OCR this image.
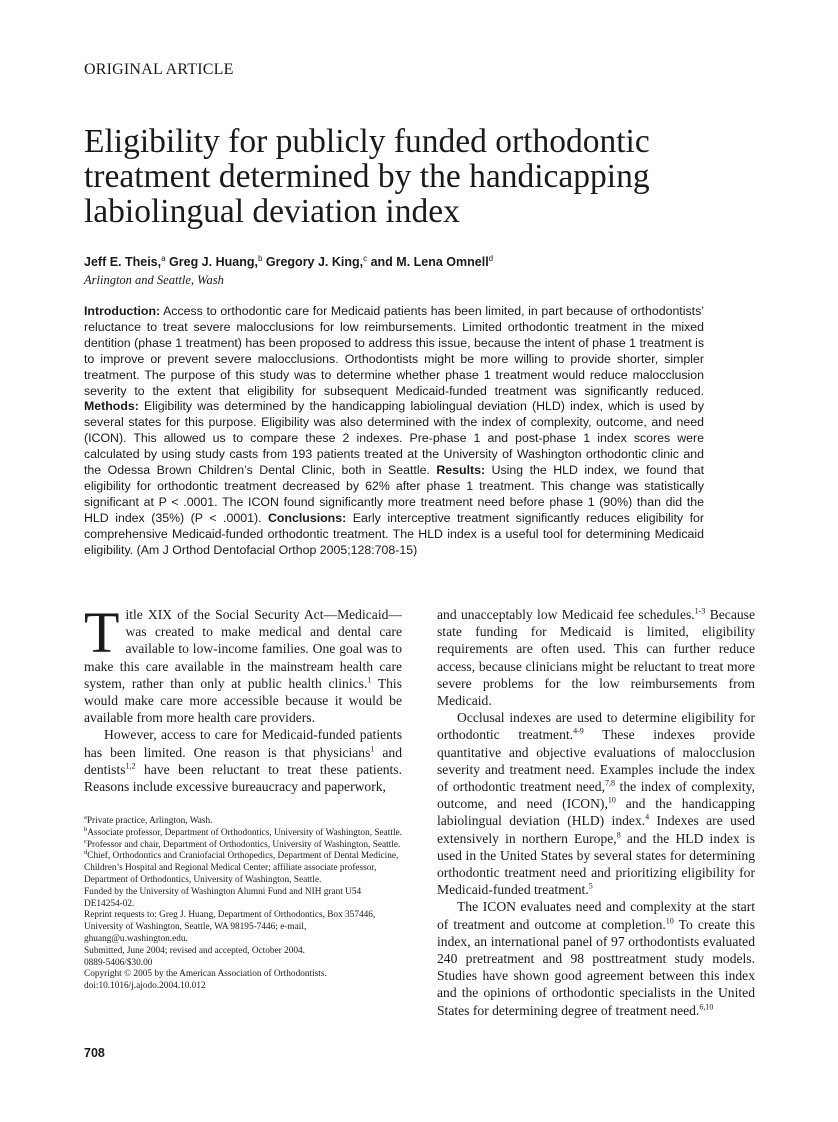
ORIGINAL ARTICLE
Eligibility for publicly funded orthodontic
treatment determined by the handicapping
labiolingual deviation index
Jeff E. Theis,$^a$ Greg J. Huang,$^b$ Gregory J. King,$^c$ and M. Lena Omnell$^d$
Arlington and Seattle, Wash

Introduction: Access to orthodontic care for Medicaid patients has been limited, in part because of orthodontists’ reluctance to treat severe malocclusions for low reimbursements. Limited orthodontic treatment in the mixed dentition (phase 1 treatment) has been proposed to address this issue, because the intent of phase 1 treatment is to improve or prevent severe malocclusions. Orthodontists might be more willing to provide shorter, simpler treatment. The purpose of this study was to determine whether phase 1 treatment would reduce malocclusion severity to the extent that eligibility for subsequent Medicaid-funded treatment was significantly reduced. Methods: Eligibility was determined by the handicapping labiolingual deviation (HLD) index, which is used by several states for this purpose. Eligibility was also determined with the index of complexity, outcome, and need (ICON). This allowed us to compare these 2 indexes. Pre-phase 1 and post-phase 1 index scores were calculated by using study casts from 193 patients treated at the University of Washington orthodontic clinic and the Odessa Brown Children’s Dental Clinic, both in Seattle. Results: Using the HLD index, we found that eligibility for orthodontic treatment decreased by 62% after phase 1 treatment. This change was statistically significant at P < .0001. The ICON found significantly more treatment need before phase 1 (90%) than did the HLD index (35%) (P < .0001). Conclusions: Early interceptive treatment significantly reduces eligibility for comprehensive Medicaid-funded orthodontic treatment. The HLD index is a useful tool for determining Medicaid eligibility. (Am J Orthod Dentofacial Orthop 2005;128:708-15)

Title XIX of the Social Security Act—Medicaid—was created to make medical and dental care available to low-income families. One goal was to make this care available in the mainstream health care system, rather than only at public health clinics.$^1$ This would make care more accessible because it would be available from more health care providers.

However, access to care for Medicaid-funded patients has been limited. One reason is that physicians$^1$ and dentists$^{1,2}$ have been reluctant to treat these patients. Reasons include excessive bureaucracy and paperwork,

and unacceptably low Medicaid fee schedules.$^{1-3}$ Because state funding for Medicaid is limited, eligibility requirements are often used. This can further reduce access, because clinicians might be reluctant to treat more severe problems for the low reimbursements from Medicaid.

Occlusal indexes are used to determine eligibility for orthodontic treatment.$^{4-9}$ These indexes provide quantitative and objective evaluations of malocclusion severity and treatment need. Examples include the index of orthodontic treatment need,$^{7,8}$ the index of complexity, outcome, and need (ICON),$^{10}$ and the handicapping labiolingual deviation (HLD) index.$^4$ Indexes are used extensively in northern Europe,$^8$ and the HLD index is used in the United States by several states for determining orthodontic treatment need and prioritizing eligibility for Medicaid-funded treatment.$^5$

The ICON evaluates need and complexity at the start of treatment and outcome at completion.$^{10}$ To create this index, an international panel of 97 orthodontists evaluated 240 pretreatment and 98 posttreatment study models. Studies have shown good agreement between this index and the opinions of orthodontic specialists in the United States for determining degree of treatment need.$^{6,10}$

$^a$Private practice, Arlington, Wash.
$^b$Associate professor, Department of Orthodontics, University of Washington, Seattle.
$^c$Professor and chair, Department of Orthodontics, University of Washington, Seattle.
$^d$Chief, Orthodontics and Craniofacial Orthopedics, Department of Dental Medicine, Children’s Hospital and Regional Medical Center; affiliate associate professor, Department of Orthodontics, University of Washington, Seattle.
Funded by the University of Washington Alumni Fund and NIH grant U54 DE14254-02.
Reprint requests to: Greg J. Huang, Department of Orthodontics, Box 357446, University of Washington, Seattle, WA 98195-7446; e-mail, ghuang@u.washington.edu.
Submitted, June 2004; revised and accepted, October 2004.
0889-5406/$30.00
Copyright © 2005 by the American Association of Orthodontists.
doi:10.1016/j.ajodo.2004.10.012
708
